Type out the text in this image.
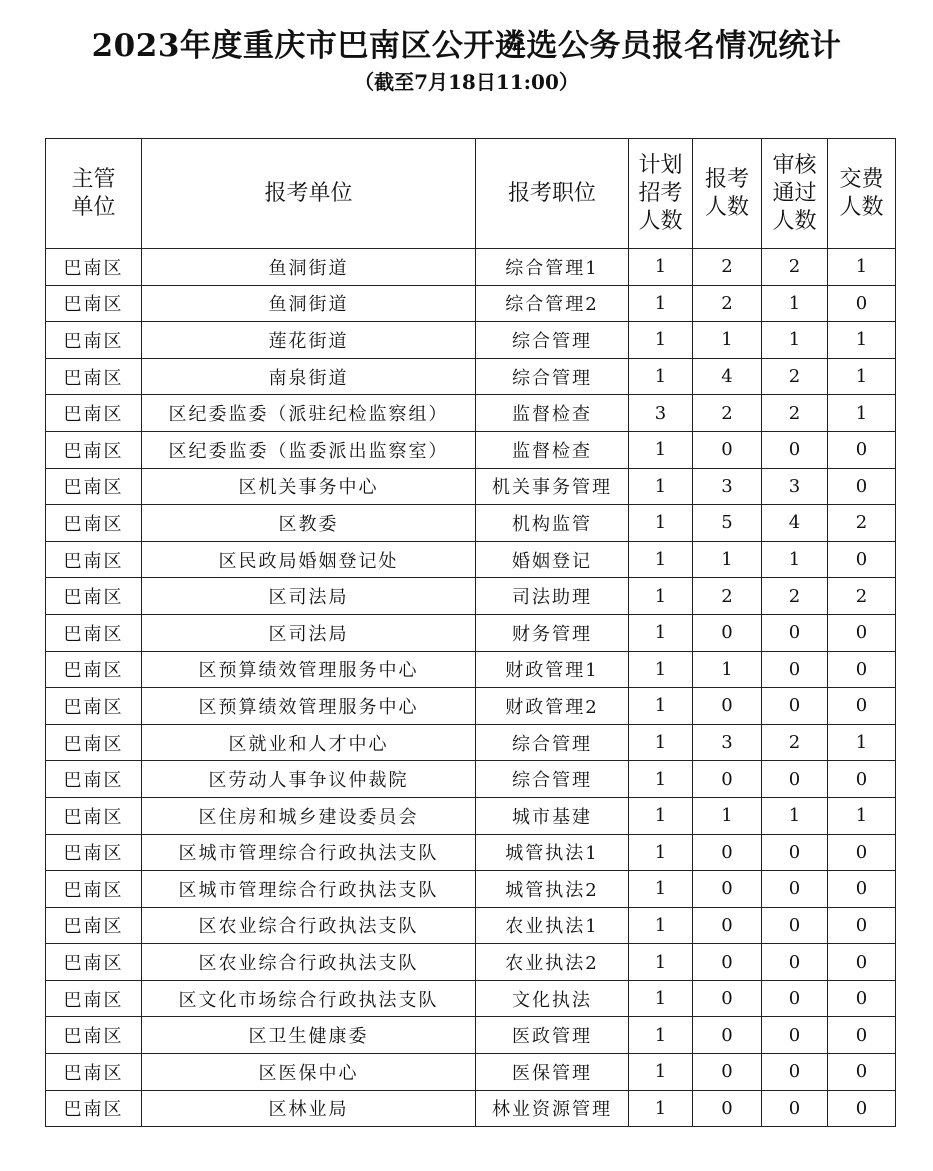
2023年度重庆市巴南区公开遴选公务员报名情况统计
（截至7月18日11:00）
主管单位	报考单位	报考职位	计划招考人数	报考人数	审核通过人数	交费人数
巴南区	鱼洞街道	综合管理1	1	2	2	1
巴南区	鱼洞街道	综合管理2	1	2	1	0
巴南区	莲花街道	综合管理	1	1	1	1
巴南区	南泉街道	综合管理	1	4	2	1
巴南区	区纪委监委（派驻纪检监察组）	监督检查	3	2	2	1
巴南区	区纪委监委（监委派出监察室）	监督检查	1	0	0	0
巴南区	区机关事务中心	机关事务管理	1	3	3	0
巴南区	区教委	机构监管	1	5	4	2
巴南区	区民政局婚姻登记处	婚姻登记	1	1	1	0
巴南区	区司法局	司法助理	1	2	2	2
巴南区	区司法局	财务管理	1	0	0	0
巴南区	区预算绩效管理服务中心	财政管理1	1	1	0	0
巴南区	区预算绩效管理服务中心	财政管理2	1	0	0	0
巴南区	区就业和人才中心	综合管理	1	3	2	1
巴南区	区劳动人事争议仲裁院	综合管理	1	0	0	0
巴南区	区住房和城乡建设委员会	城市基建	1	1	1	1
巴南区	区城市管理综合行政执法支队	城管执法1	1	0	0	0
巴南区	区城市管理综合行政执法支队	城管执法2	1	0	0	0
巴南区	区农业综合行政执法支队	农业执法1	1	0	0	0
巴南区	区农业综合行政执法支队	农业执法2	1	0	0	0
巴南区	区文化市场综合行政执法支队	文化执法	1	0	0	0
巴南区	区卫生健康委	医政管理	1	0	0	0
巴南区	区医保中心	医保管理	1	0	0	0
巴南区	区林业局	林业资源管理	1	0	0	0
